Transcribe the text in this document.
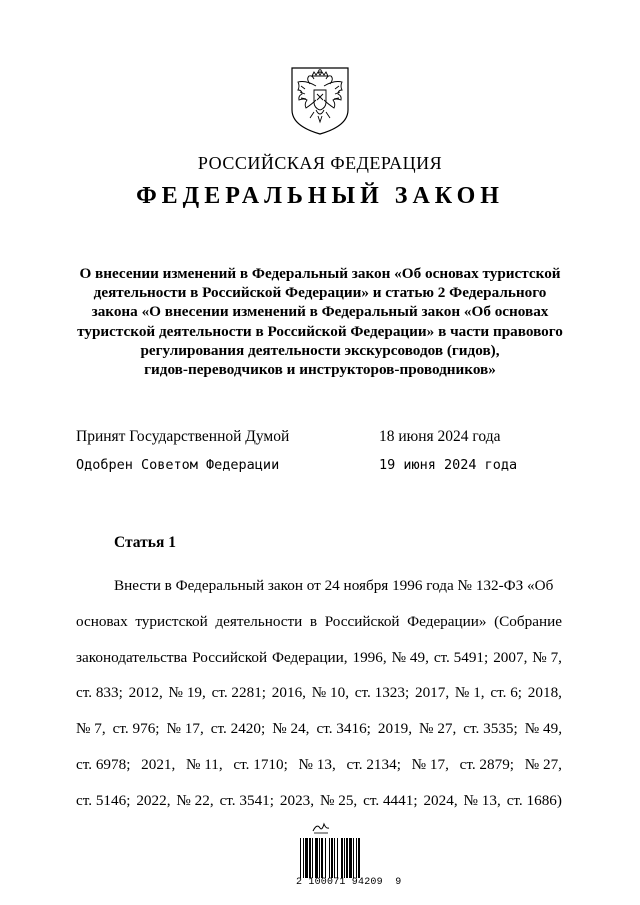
РОССИЙСКАЯ ФЕДЕРАЦИЯ
ФЕДЕРАЛЬНЫЙ ЗАКОН
О внесении изменений в Федеральный закон «Об основах туристской
деятельности в Российской Федерации» и статью 2 Федерального
закона «О внесении изменений в Федеральный закон «Об основах
туристской деятельности в Российской Федерации» в части правового
регулирования деятельности экскурсоводов (гидов),
гидов-переводчиков и инструкторов-проводников»
Принят Государственной Думой	18 июня 2024 года
Одобрен Советом Федерации	19 июня 2024 года
Статья 1
Внести в Федеральный закон от 24 ноября 1996 года № 132-ФЗ «Об
основах туристской деятельности в Российской Федерации» (Собрание
законодательства Российской Федерации, 1996, № 49, ст. 5491; 2007, № 7,
ст. 833; 2012, № 19, ст. 2281; 2016, № 10, ст. 1323; 2017, № 1, ст. 6; 2018,
№ 7, ст. 976; № 17, ст. 2420; № 24, ст. 3416; 2019, № 27, ст. 3535; № 49,
ст. 6978; 2021, № 11, ст. 1710; № 13, ст. 2134; № 17, ст. 2879; № 27,
ст. 5146; 2022, № 22, ст. 3541; 2023, № 25, ст. 4441; 2024, № 13, ст. 1686)
2 100071 94209  9
